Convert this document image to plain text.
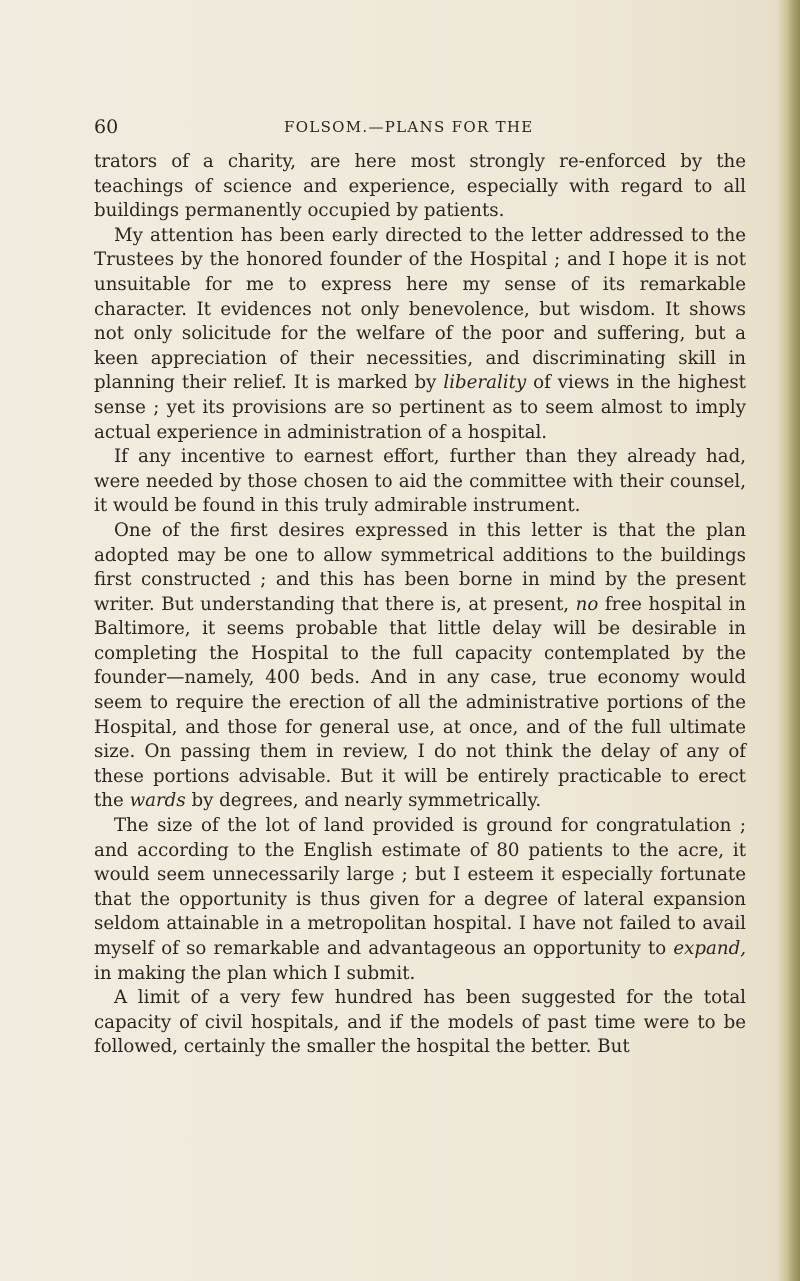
60	FOLSOM.—PLANS FOR THE

trators of a charity, are here most strongly re-enforced by the teachings of science and experience, especially with regard to all buildings permanently occupied by patients.

My attention has been early directed to the letter addressed to the Trustees by the honored founder of the Hospital ; and I hope it is not unsuitable for me to express here my sense of its remarkable character. It evidences not only benevolence, but wisdom. It shows not only solicitude for the welfare of the poor and suffering, but a keen appreciation of their necessities, and discriminating skill in planning their relief. It is marked by liberality of views in the highest sense ; yet its provisions are so pertinent as to seem almost to imply actual experience in administration of a hospital.

If any incentive to earnest effort, further than they already had, were needed by those chosen to aid the committee with their counsel, it would be found in this truly admirable instrument.

One of the first desires expressed in this letter is that the plan adopted may be one to allow symmetrical additions to the buildings first constructed ; and this has been borne in mind by the present writer. But understanding that there is, at present, no free hospital in Baltimore, it seems probable that little delay will be desirable in completing the Hospital to the full capacity contemplated by the founder—namely, 400 beds. And in any case, true economy would seem to require the erection of all the administrative portions of the Hospital, and those for general use, at once, and of the full ultimate size. On passing them in review, I do not think the delay of any of these portions advisable. But it will be entirely practicable to erect the wards by degrees, and nearly symmetrically.

The size of the lot of land provided is ground for congratulation ; and according to the English estimate of 80 patients to the acre, it would seem unnecessarily large ; but I esteem it especially fortunate that the opportunity is thus given for a degree of lateral expansion seldom attainable in a metropolitan hospital. I have not failed to avail myself of so remarkable and advantageous an opportunity to expand, in making the plan which I submit.

A limit of a very few hundred has been suggested for the total capacity of civil hospitals, and if the models of past time were to be followed, certainly the smaller the hospital the better. But
